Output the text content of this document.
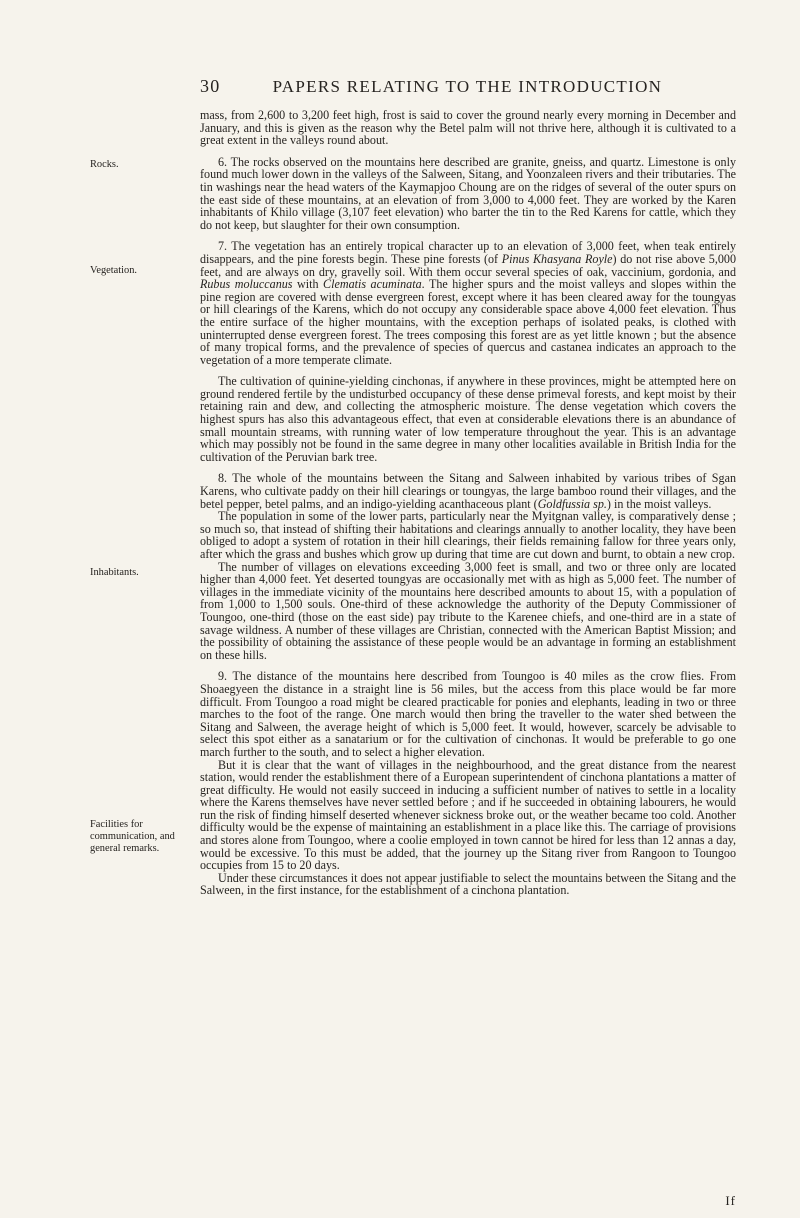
30	PAPERS RELATING TO THE INTRODUCTION
Rocks.
Vegetation.
Inhabitants.
Facilities for communication, and general remarks.

mass, from 2,600 to 3,200 feet high, frost is said to cover the ground nearly every morning in December and January, and this is given as the reason why the Betel palm will not thrive here, although it is cultivated to a great extent in the valleys round about.

6. The rocks observed on the mountains here described are granite, gneiss, and quartz. Limestone is only found much lower down in the valleys of the Salween, Sitang, and Yoonzaleen rivers and their tributaries. The tin washings near the head waters of the Kaymapjoo Choung are on the ridges of several of the outer spurs on the east side of these mountains, at an elevation of from 3,000 to 4,000 feet. They are worked by the Karen inhabitants of Khilo village (3,107 feet elevation) who barter the tin to the Red Karens for cattle, which they do not keep, but slaughter for their own consumption.

7. The vegetation has an entirely tropical character up to an elevation of 3,000 feet, when teak entirely disappears, and the pine forests begin. These pine forests (of Pinus Khasyana Royle) do not rise above 5,000 feet, and are always on dry, gravelly soil. With them occur several species of oak, vaccinium, gordonia, and Rubus moluccanus with Clematis acuminata. The higher spurs and the moist valleys and slopes within the pine region are covered with dense evergreen forest, except where it has been cleared away for the toungyas or hill clearings of the Karens, which do not occupy any considerable space above 4,000 feet elevation. Thus the entire surface of the higher mountains, with the exception perhaps of isolated peaks, is clothed with uninterrupted dense evergreen forest. The trees composing this forest are as yet little known ; but the absence of many tropical forms, and the prevalence of species of quercus and castanea indicates an approach to the vegetation of a more temperate climate.

The cultivation of quinine-yielding cinchonas, if anywhere in these provinces, might be attempted here on ground rendered fertile by the undisturbed occupancy of these dense primeval forests, and kept moist by their retaining rain and dew, and collecting the atmospheric moisture. The dense vegetation which covers the highest spurs has also this advantageous effect, that even at considerable elevations there is an abundance of small mountain streams, with running water of low temperature throughout the year. This is an advantage which may possibly not be found in the same degree in many other localities available in British India for the cultivation of the Peruvian bark tree.

8. The whole of the mountains between the Sitang and Salween inhabited by various tribes of Sgan Karens, who cultivate paddy on their hill clearings or toungyas, the large bamboo round their villages, and the betel pepper, betel palms, and an indigo-yielding acanthaceous plant (Goldfussia sp.) in the moist valleys.

The population in some of the lower parts, particularly near the Myitgnan valley, is comparatively dense ; so much so, that instead of shifting their habitations and clearings annually to another locality, they have been obliged to adopt a system of rotation in their hill clearings, their fields remaining fallow for three years only, after which the grass and bushes which grow up during that time are cut down and burnt, to obtain a new crop.

The number of villages on elevations exceeding 3,000 feet is small, and two or three only are located higher than 4,000 feet. Yet deserted toungyas are occasionally met with as high as 5,000 feet. The number of villages in the immediate vicinity of the mountains here described amounts to about 15, with a population of from 1,000 to 1,500 souls. One-third of these acknowledge the authority of the Deputy Commissioner of Toungoo, one-third (those on the east side) pay tribute to the Karenee chiefs, and one-third are in a state of savage wildness. A number of these villages are Christian, connected with the American Baptist Mission; and the possibility of obtaining the assistance of these people would be an advantage in forming an establishment on these hills.

9. The distance of the mountains here described from Toungoo is 40 miles as the crow flies. From Shoaegyeen the distance in a straight line is 56 miles, but the access from this place would be far more difficult. From Toungoo a road might be cleared practicable for ponies and elephants, leading in two or three marches to the foot of the range. One march would then bring the traveller to the water shed between the Sitang and Salween, the average height of which is 5,000 feet. It would, however, scarcely be advisable to select this spot either as a sanatarium or for the cultivation of cinchonas. It would be preferable to go one march further to the south, and to select a higher elevation.

But it is clear that the want of villages in the neighbourhood, and the great distance from the nearest station, would render the establishment there of a European superintendent of cinchona plantations a matter of great difficulty. He would not easily succeed in inducing a sufficient number of natives to settle in a locality where the Karens themselves have never settled before ; and if he succeeded in obtaining labourers, he would run the risk of finding himself deserted whenever sickness broke out, or the weather became too cold. Another difficulty would be the expense of maintaining an establishment in a place like this. The carriage of provisions and stores alone from Toungoo, where a coolie employed in town cannot be hired for less than 12 annas a day, would be excessive. To this must be added, that the journey up the Sitang river from Rangoon to Toungoo occupies from 15 to 20 days.

Under these circumstances it does not appear justifiable to select the mountains between the Sitang and the Salween, in the first instance, for the establishment of a cinchona plantation.

If
